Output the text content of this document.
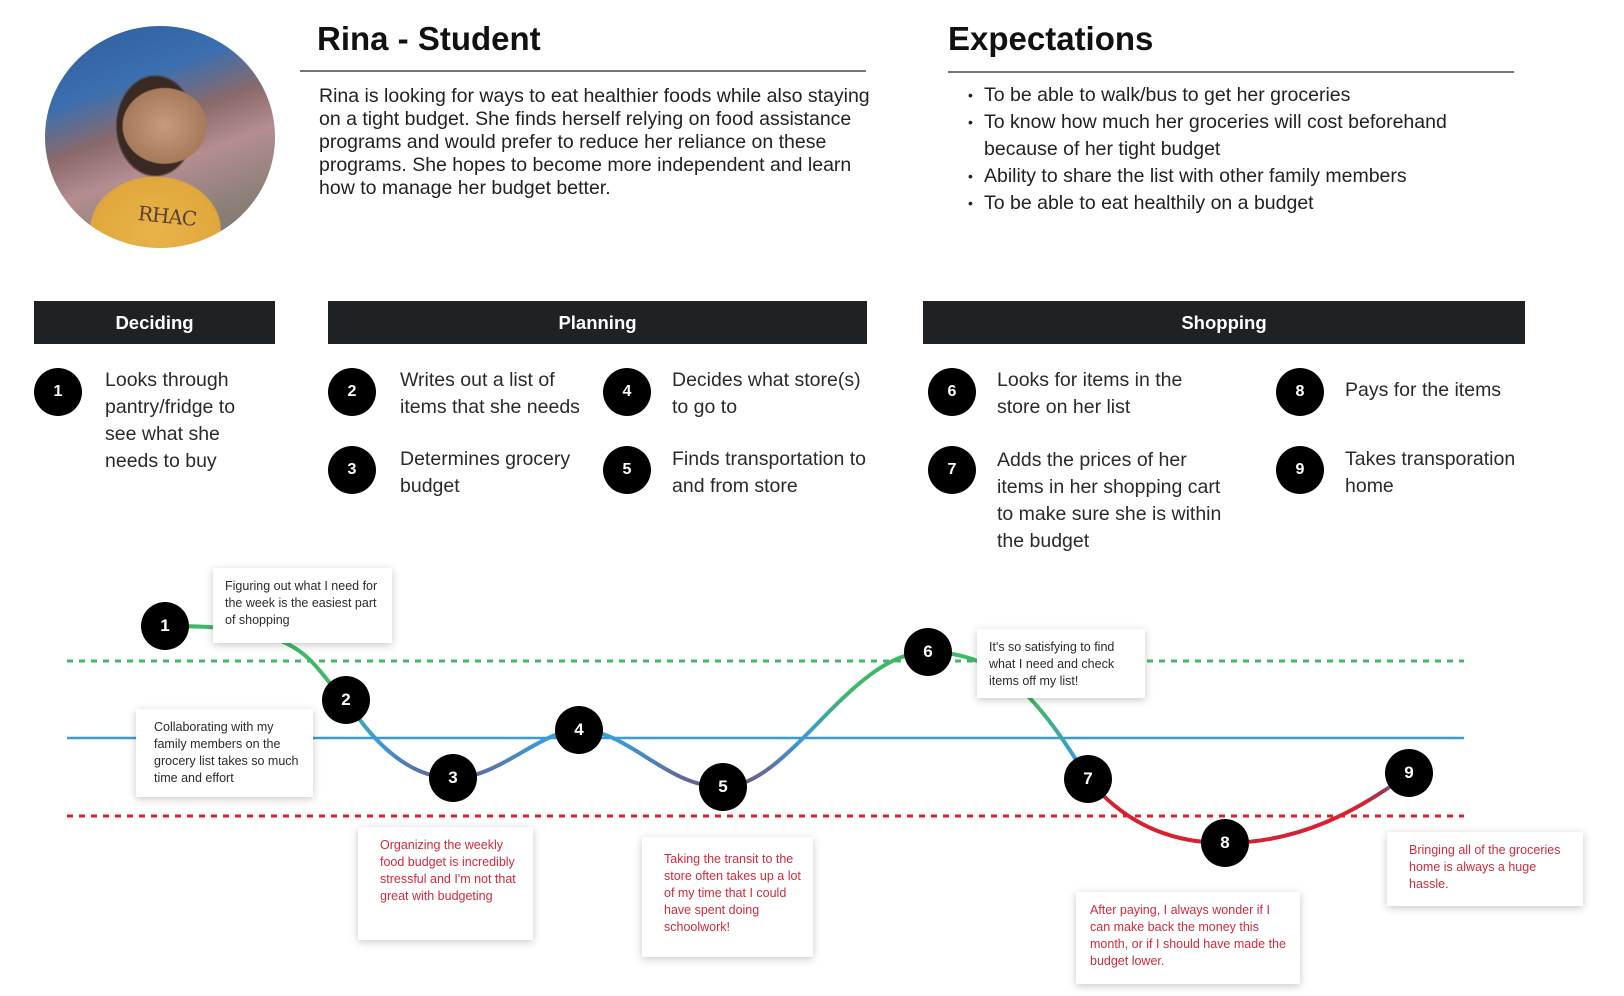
RHAC
Rina - Student
Rina is looking for ways to eat healthier foods while also staying on a tight budget. She finds herself relying on food assistance programs and would prefer to reduce her reliance on these programs. She hopes to become more independent and learn how to manage her budget better.
Expectations
• To be able to walk/bus to get her groceries
• To know how much her groceries will cost beforehand because of her tight budget
• Ability to share the list with other family members
• To be able to eat healthily on a budget
Deciding	Planning	Shopping
1
Looks through pantry/fridge to see what she needs to buy
2
Writes out a list of items that she needs
3	Determines grocery budget
4
Decides what store(s) to go to
5	Finds transportation to and from store
6
Looks for items in the store on her list
7	Adds the prices of her items in her shopping cart to make sure she is within the budget
8	Pays for the items
9	Takes transporation home
1
2
3
4
5
6
7
8
9
Figuring out what I need for the week is the easiest part of shopping
Collaborating with my family members on the grocery list takes so much time and effort
Organizing the weekly food budget is incredibly stressful and I'm not that great with budgeting
Taking the transit to the store often takes up a lot of my time that I could have spent doing schoolwork!
It's so satisfying to find what I need and check items off my list!
After paying, I always wonder if I can make back the money this month, or if I should have made the budget lower.
Bringing all of the groceries home is always a huge hassle.
